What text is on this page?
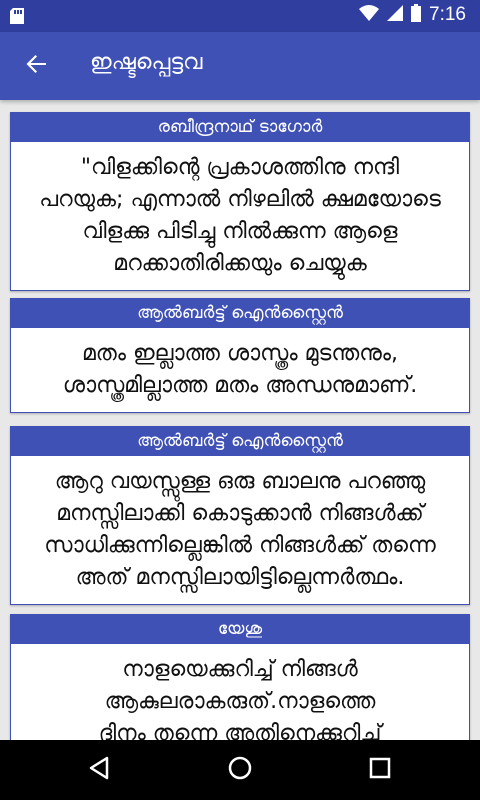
7:16
ഇഷ്ടപ്പെട്ടവ
രബീന്ദ്രനാഥ് ടാഗോർ
"വിളക്കിന്റെ പ്രകാശത്തിനു നന്ദി
പറയുക; എന്നാൽ നിഴലിൽ ക്ഷമയോടെ
വിളക്കു പിടിച്ചു നിൽക്കുന്ന ആളെ
മറക്കാതിരിക്കയും ചെയ്യുക
ആൽബർട്ട് ഐൻസ്റ്റൈൻ
മതം ഇല്ലാത്ത ശാസ്ത്രം മുടന്തനും,
ശാസ്ത്രമില്ലാത്ത മതം അന്ധനുമാണ്.
ആൽബർട്ട് ഐൻസ്റ്റൈൻ
ആറു വയസ്സുള്ള ഒരു ബാലനു പറഞ്ഞു
മനസ്സിലാക്കി കൊടുക്കാൻ നിങ്ങൾക്ക്
സാധിക്കുന്നില്ലെങ്കിൽ നിങ്ങൾക്ക് തന്നെ
അത് മനസ്സിലായിട്ടില്ലെന്നർത്ഥം.
യേശു
നാളയെക്കുറിച്ച് നിങ്ങൾ
ആകുലരാകരുത്.നാളത്തെ
ദിനം തന്നെ അതിനെക്കുറിച്
